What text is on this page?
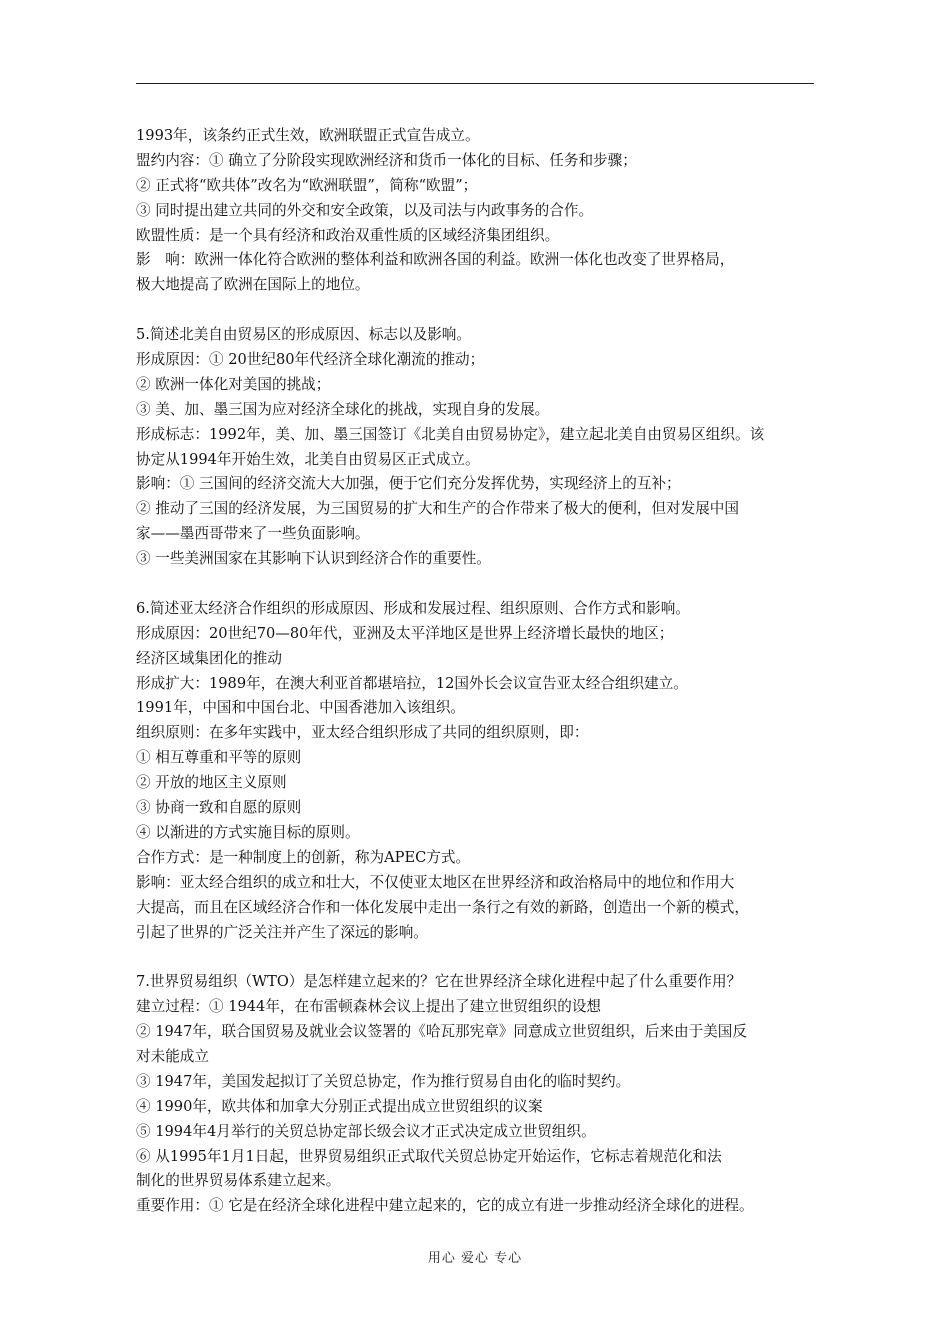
1993年，该条约正式生效，欧洲联盟正式宣告成立。
盟约内容：① 确立了分阶段实现欧洲经济和货币一体化的目标、任务和步骤；
② 正式将“欧共体”改名为“欧洲联盟”，简称“欧盟”；
③ 同时提出建立共同的外交和安全政策，以及司法与内政事务的合作。
欧盟性质：是一个具有经济和政治双重性质的区域经济集团组织。
影　响：欧洲一体化符合欧洲的整体利益和欧洲各国的利益。欧洲一体化也改变了世界格局，
极大地提高了欧洲在国际上的地位。
5.简述北美自由贸易区的形成原因、标志以及影响。
形成原因：① 20世纪80年代经济全球化潮流的推动；
② 欧洲一体化对美国的挑战；
③ 美、加、墨三国为应对经济全球化的挑战，实现自身的发展。
形成标志：1992年，美、加、墨三国签订《北美自由贸易协定》，建立起北美自由贸易区组织。该
协定从1994年开始生效，北美自由贸易区正式成立。
影响：① 三国间的经济交流大大加强，便于它们充分发挥优势，实现经济上的互补；
② 推动了三国的经济发展，为三国贸易的扩大和生产的合作带来了极大的便利，但对发展中国
家——墨西哥带来了一些负面影响。
③ 一些美洲国家在其影响下认识到经济合作的重要性。
6.简述亚太经济合作组织的形成原因、形成和发展过程、组织原则、合作方式和影响。
形成原因：20世纪70—80年代，亚洲及太平洋地区是世界上经济增长最快的地区；
经济区域集团化的推动
形成扩大：1989年，在澳大利亚首都堪培拉，12国外长会议宣告亚太经合组织建立。
1991年，中国和中国台北、中国香港加入该组织。
组织原则：在多年实践中，亚太经合组织形成了共同的组织原则，即：
① 相互尊重和平等的原则
② 开放的地区主义原则
③ 协商一致和自愿的原则
④ 以渐进的方式实施目标的原则。
合作方式：是一种制度上的创新，称为APEC方式。
影响：亚太经合组织的成立和壮大，不仅使亚太地区在世界经济和政治格局中的地位和作用大
大提高，而且在区域经济合作和一体化发展中走出一条行之有效的新路，创造出一个新的模式，
引起了世界的广泛关注并产生了深远的影响。
7.世界贸易组织（WTO）是怎样建立起来的？它在世界经济全球化进程中起了什么重要作用？
建立过程：① 1944年，在布雷顿森林会议上提出了建立世贸组织的设想
② 1947年，联合国贸易及就业会议签署的《哈瓦那宪章》同意成立世贸组织，后来由于美国反
对未能成立
③ 1947年，美国发起拟订了关贸总协定，作为推行贸易自由化的临时契约。
④ 1990年，欧共体和加拿大分别正式提出成立世贸组织的议案
⑤ 1994年4月举行的关贸总协定部长级会议才正式决定成立世贸组织。
⑥ 从1995年1月1日起，世界贸易组织正式取代关贸总协定开始运作，它标志着规范化和法
制化的世界贸易体系建立起来。
重要作用：① 它是在经济全球化进程中建立起来的，它的成立有进一步推动经济全球化的进程。
用心 爱心 专心
